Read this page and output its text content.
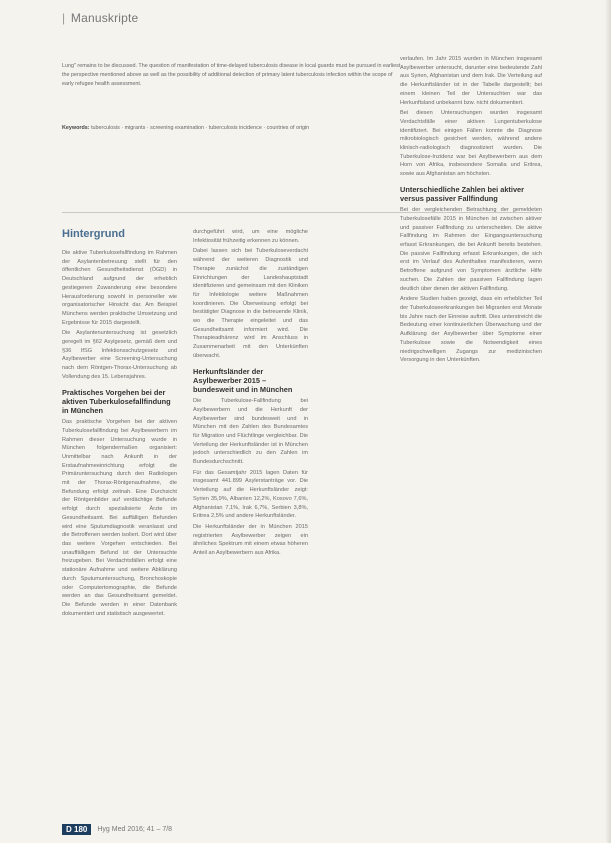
| Manuskripte
Lung" remains to be discussed. The question of manifestation of time-delayed tuberculosis disease in local guards must be pursued in earliest the perspective mentioned above as well as the possibility of additional detection of primary latent tuberculosis infection within the scope of early refugee health assessment.
Keywords: tuberculosis · migrants · screening examination · tuberculosis incidence · countries of origin
Hintergrund

Die aktive Tuberkulosefallfindung im Rahmen der Asylantenbetreuung stellt für den öffentlichen Gesundheitsdienst (ÖGD) in Deutschland aufgrund der erheblich gestiegenen Zuwanderung eine besondere Herausforderung sowohl in personeller wie organisatorischer Hinsicht dar. Am Beispiel Münchens werden praktische Umsetzung und Ergebnisse für 2015 dargestellt.

Die Asylantenuntersuchung ist gesetzlich geregelt im §62 Asylgesetz, gemäß dem und §36 IfSG Infektionsschutzgesetz und Asylbewerber eine Screening-Untersuchung nach dem Röntgen-Thorax-Untersuchung ab Vollendung des 15. Lebensjahres.

Praktisches Vorgehen bei der aktiven Tuberkulosefallfindung in München

Das praktische Vorgehen bei der aktiven Tuberkulosefallfindung bei Asylbewerbern im Rahmen dieser Untersuchung wurde in München folgendermaßen organisiert: Unmittelbar nach Ankunft in der Erstaufnahmeeinrichtung erfolgt die Primäruntersuchung durch den Radiologen mit der Thorax-Röntgenaufnahme, die Befundung erfolgt zeitnah. Eine Durchsicht der Röntgenbilder auf verdächtige Befunde erfolgt durch spezialisierte Ärzte im Gesundheitsamt. Bei auffälligen Befunden wird eine Sputumdiagnostik veranlasst und die Betroffenen werden isoliert. Dort wird über das weitere Vorgehen entschieden. Bei unauffälligem Befund ist der Untersuchte freizugeben. Bei Verdachtsfällen erfolgt eine stationäre Aufnahme und weitere Abklärung durch Sputumuntersuchung, Bronchoskopie oder Computertomographie, die Befunde werden an das Gesundheitsamt gemeldet. Die Befunde werden in einer Datenbank dokumentiert und statistisch ausgewertet.

durchgeführt wird, um eine mögliche Infektiosität frühzeitig erkennen zu können.

Dabei lassen sich bei Tuberkuloseverdacht während der weiteren Diagnostik und Therapie zunächst die zuständigen Einrichtungen der Landeshauptstadt identifizieren und gemeinsam mit den Kliniken für Infektiologie weitere Maßnahmen koordinieren. Die Überweisung erfolgt bei bestätigter Diagnose in die betreuende Klinik, wo die Therapie eingeleitet und das Gesundheitsamt informiert wird. Die Therapieadhärenz wird im Anschluss in Zusammenarbeit mit den Unterkünften überwacht.

Herkunftsländer der Asylbewerber 2015 – bundesweit und in München

Die Tuberkulose-Fallfindung bei Asylbewerbern und die Herkunft der Asylbewerber sind bundesweit und in München mit den Zahlen des Bundesamtes für Migration und Flüchtlinge vergleichbar. Die Verteilung der Herkunftsländer ist in München jedoch unterschiedlich zu den Zahlen im Bundesdurchschnitt.

Für das Gesamtjahr 2015 lagen Daten für insgesamt 441.899 Asylerstanträge vor. Die Verteilung auf die Herkunftsländer zeigt: Syrien 35,9%, Albanien 12,2%, Kosovo 7,6%, Afghanistan 7,1%, Irak 6,7%, Serbien 3,8%, Eritrea 2,5% und andere Herkunftsländer.

Die Herkunftsländer der in München 2015 registrierten Asylbewerber zeigen ein ähnliches Spektrum mit einem etwas höheren Anteil an Asylbewerbern aus Afrika.

verlaufen. Im Jahr 2015 wurden in München insgesamt Asylbewerber untersucht, darunter eine bedeutende Zahl aus Syrien, Afghanistan und dem Irak. Die Verteilung auf die Herkunftsländer ist in der Tabelle dargestellt; bei einem kleinen Teil der Untersuchten war das Herkunftsland unbekannt bzw. nicht dokumentiert.

Bei diesen Untersuchungen wurden insgesamt Verdachtsfälle einer aktiven Lungentuberkulose identifiziert. Bei einigen Fällen konnte die Diagnose mikrobiologisch gesichert werden, während andere klinisch-radiologisch diagnostiziert wurden. Die Tuberkulose-Inzidenz war bei Asylbewerbern aus dem Horn von Afrika, insbesondere Somalia und Eritrea, sowie aus Afghanistan am höchsten.

Unterschiedliche Zahlen bei aktiver versus passiver Fallfindung

Bei der vergleichenden Betrachtung der gemeldeten Tuberkulosefälle 2015 in München ist zwischen aktiver und passiver Fallfindung zu unterscheiden. Die aktive Fallfindung im Rahmen der Eingangsuntersuchung erfasst Erkrankungen, die bei Ankunft bereits bestehen. Die passive Fallfindung erfasst Erkrankungen, die sich erst im Verlauf des Aufenthaltes manifestieren, wenn Betroffene aufgrund von Symptomen ärztliche Hilfe suchen. Die Zahlen der passiven Fallfindung lagen deutlich über denen der aktiven Fallfindung.

Andere Studien haben gezeigt, dass ein erheblicher Teil der Tuberkuloseerkrankungen bei Migranten erst Monate bis Jahre nach der Einreise auftritt. Dies unterstreicht die Bedeutung einer kontinuierlichen Überwachung und der Aufklärung der Asylbewerber über Symptome einer Tuberkulose sowie die Notwendigkeit eines niedrigschwelligen Zugangs zur medizinischen Versorgung in den Unterkünften.

D 180	Hyg Med 2016; 41 – 7/8
